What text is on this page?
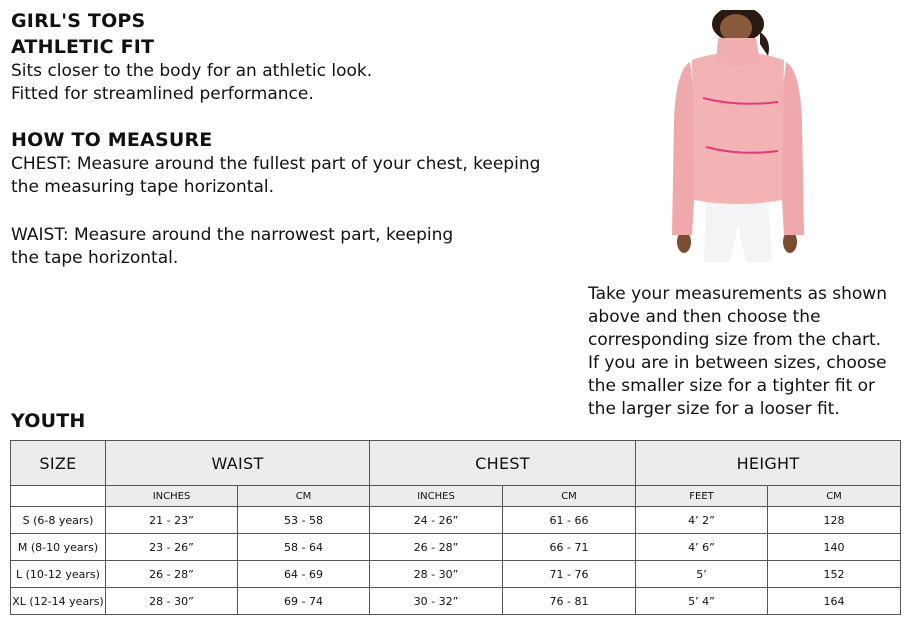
GIRL'S TOPS
ATHLETIC FIT
Sits closer to the body for an athletic look.
Fitted for streamlined performance.
HOW TO MEASURE
CHEST: Measure around the fullest part of your chest, keeping
the measuring tape horizontal.
WAIST: Measure around the narrowest part, keeping
the tape horizontal.
Take your measurements as shown
above and then choose the
corresponding size from the chart.
If you are in between sizes, choose
the smaller size for a tighter fit or
the larger size for a looser fit.
YOUTH
SIZE	WAIST		CHEST		HEIGHT	
	INCHES	CM	INCHES	CM	FEET	CM
S (6-8 years)	21 - 23”	53 - 58	24 - 26”	61 - 66	4’ 2”	128
M (8-10 years)	23 - 26”	58 - 64	26 - 28”	66 - 71	4’ 6”	140
L (10-12 years)	26 - 28”	64 - 69	28 - 30”	71 - 76	5’	152
XL (12-14 years)	28 - 30”	69 - 74	30 - 32”	76 - 81	5’ 4”	164
